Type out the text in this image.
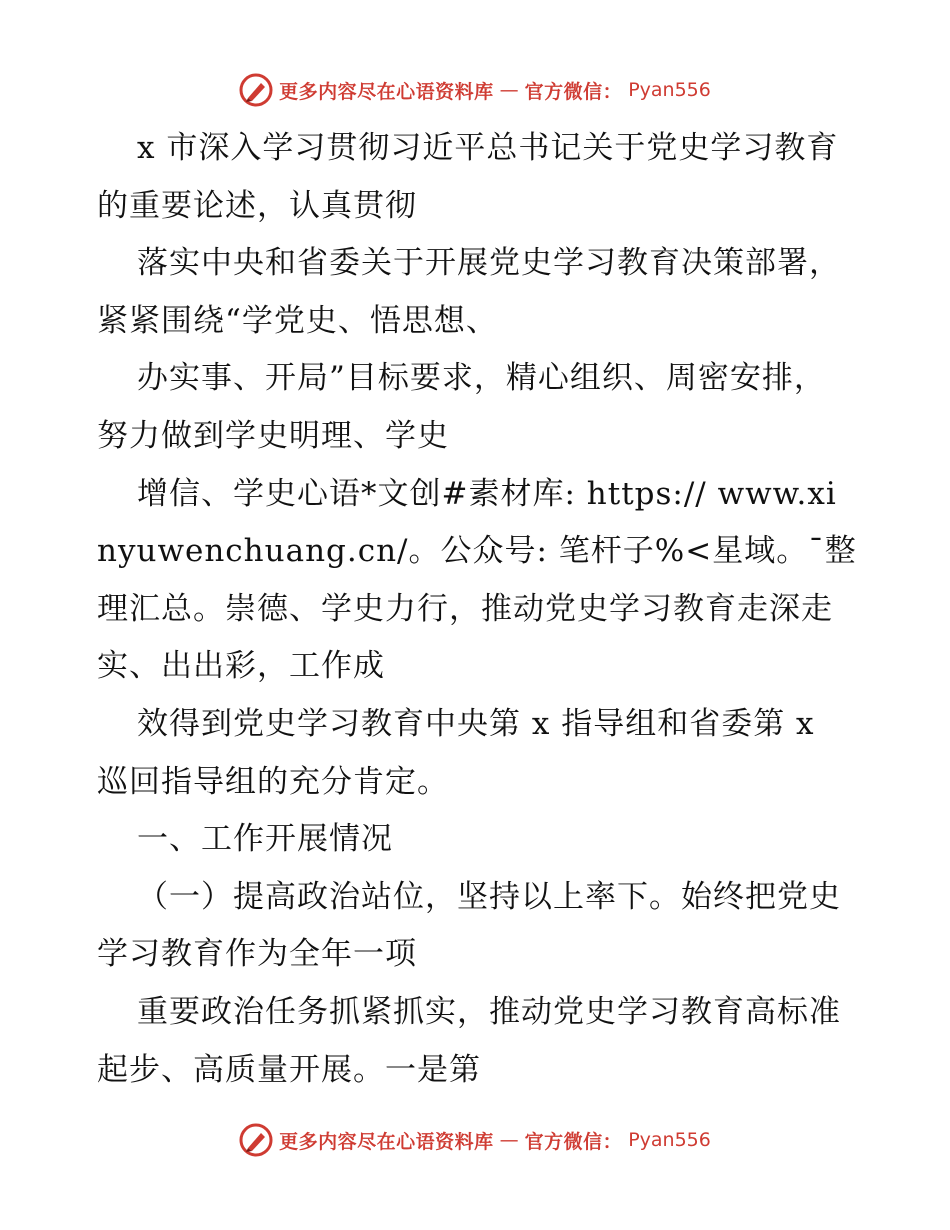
更多内容尽在心语资料库 — 官方微信： Pyan556

x 市深入学习贯彻习近平总书记关于党史学习教育的重要论述，认真贯彻

落实中央和省委关于开展党史学习教育决策部署，紧紧围绕“学党史、悟思想、

办实事、开局”目标要求，精心组织、周密安排，努力做到学史明理、学史

增信、学史心语*文创#素材库: https:// www.xinyuwenchuang.cn/。公众号: 笔杆子%<星域。¯整理汇总。崇德、学史力行，推动党史学习教育走深走实、出出彩，工作成

效得到党史学习教育中央第 x 指导组和省委第 x 巡回指导组的充分肯定。

一、工作开展情况

（一）提高政治站位，坚持以上率下。始终把党史学习教育作为全年一项

重要政治任务抓紧抓实，推动党史学习教育高标准起步、高质量开展。一是第

更多内容尽在心语资料库 — 官方微信： Pyan556
